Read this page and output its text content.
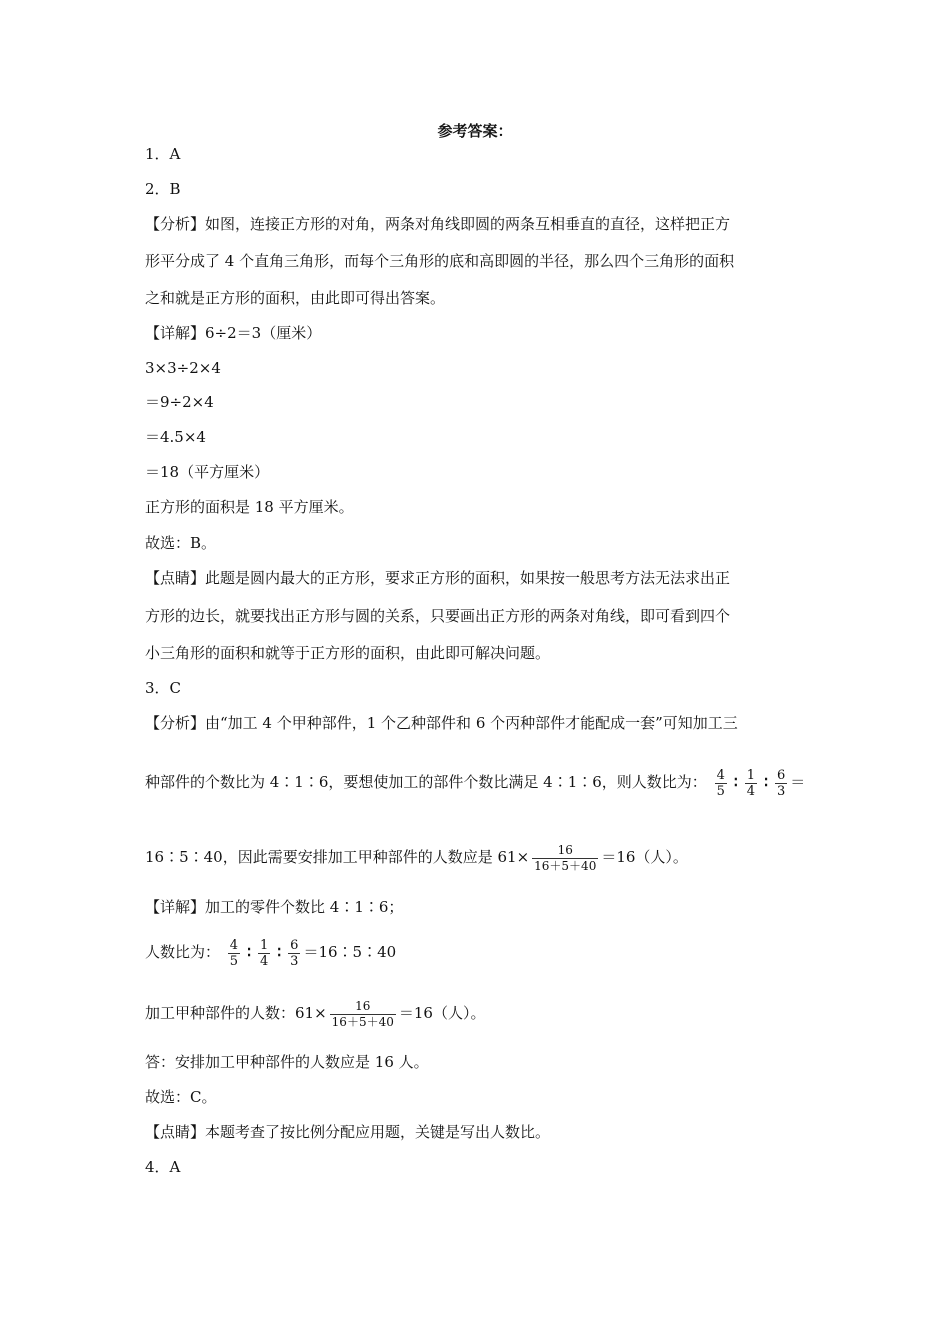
参考答案：
1．A
2．B
【分析】如图，连接正方形的对角，两条对角线即圆的两条互相垂直的直径，这样把正方
形平分成了 4 个直角三角形，而每个三角形的底和高即圆的半径，那么四个三角形的面积
之和就是正方形的面积，由此即可得出答案。
【详解】6÷2＝3（厘米）
3×3÷2×4
＝9÷2×4
＝4.5×4
＝18（平方厘米）
正方形的面积是 18 平方厘米。
故选：B。
【点睛】此题是圆内最大的正方形，要求正方形的面积，如果按一般思考方法无法求出正
方形的边长，就要找出正方形与圆的关系，只要画出正方形的两条对角线，即可看到四个
小三角形的面积和就等于正方形的面积，由此即可解决问题。
3．C
【分析】由“加工 4 个甲种部件，1 个乙种部件和 6 个丙种部件才能配成一套”可知加工三
种部件的个数比为 4∶1∶6，要想使加工的部件个数比满足 4∶1∶6，则人数比为： $\frac{4}{5}$ ∶ $\frac{1}{4}$ ∶ $\frac{6}{3}$ ＝
16∶5∶40，因此需要安排加工甲种部件的人数应是 $61\times \frac{16}{16+5+40} =16$（人）。
【详解】加工的零件个数比 4∶1∶6；
人数比为： $\frac{4}{5}$ ∶ $\frac{1}{4}$ ∶ $\frac{6}{3}$ ＝16∶5∶40
加工甲种部件的人数：$61\times \frac{16}{16+5+40} =16$（人）。
答：安排加工甲种部件的人数应是 16 人。
故选：C。
【点睛】本题考查了按比例分配应用题，关键是写出人数比。
4．A
